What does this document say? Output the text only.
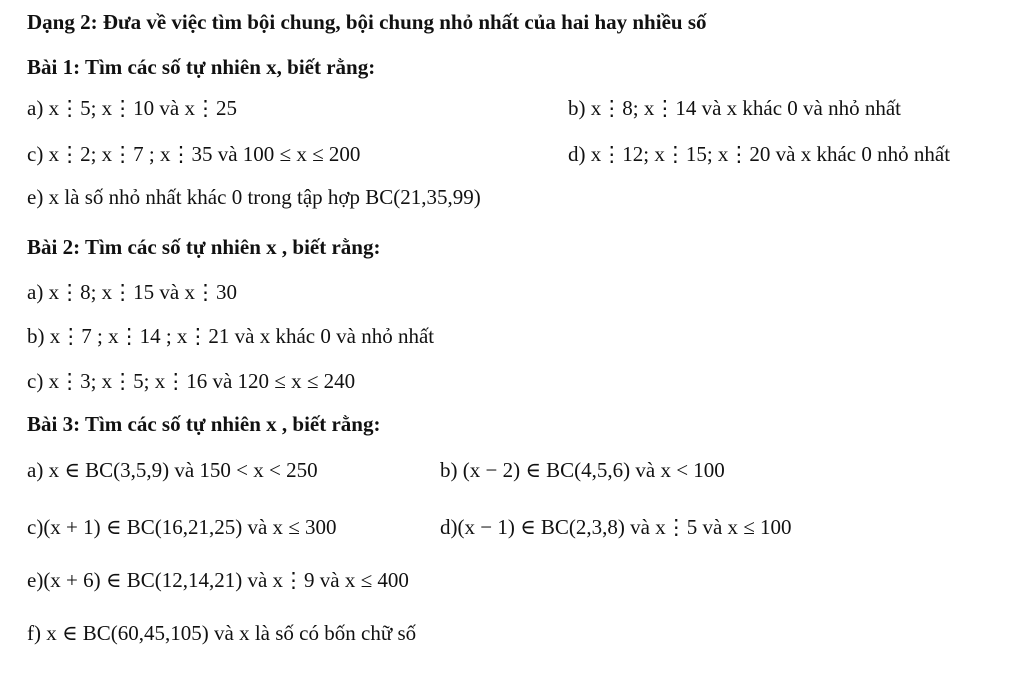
Dạng 2: Đưa về việc tìm bội chung, bội chung nhỏ nhất của hai hay nhiều số
Bài 1: Tìm các số tự nhiên x, biết rằng:
a) x⋮5; x⋮10 và x⋮25	b) x⋮8; x⋮14 và x khác 0 và nhỏ nhất
c) x⋮2; x⋮7 ; x⋮35 và 100 ≤ x ≤ 200	d) x⋮12; x⋮15; x⋮20 và x khác 0 nhỏ nhất
e) x là số nhỏ nhất khác 0 trong tập hợp BC(21,35,99)
Bài 2: Tìm các số tự nhiên x , biết rằng:
a) x⋮8; x⋮15 và x⋮30
b) x⋮7 ; x⋮14 ; x⋮21 và x khác 0 và nhỏ nhất
c) x⋮3; x⋮5; x⋮16 và 120 ≤ x ≤ 240
Bài 3: Tìm các số tự nhiên x , biết rằng:
a) x ∈ BC(3,5,9) và 150 < x < 250	b) (x − 2) ∈ BC(4,5,6) và x < 100
c)(x + 1) ∈ BC(16,21,25) và x ≤ 300	d)(x − 1) ∈ BC(2,3,8) và x⋮5 và x ≤ 100
e)(x + 6) ∈ BC(12,14,21) và x⋮9 và x ≤ 400
f) x ∈ BC(60,45,105) và x là số có bốn chữ số
